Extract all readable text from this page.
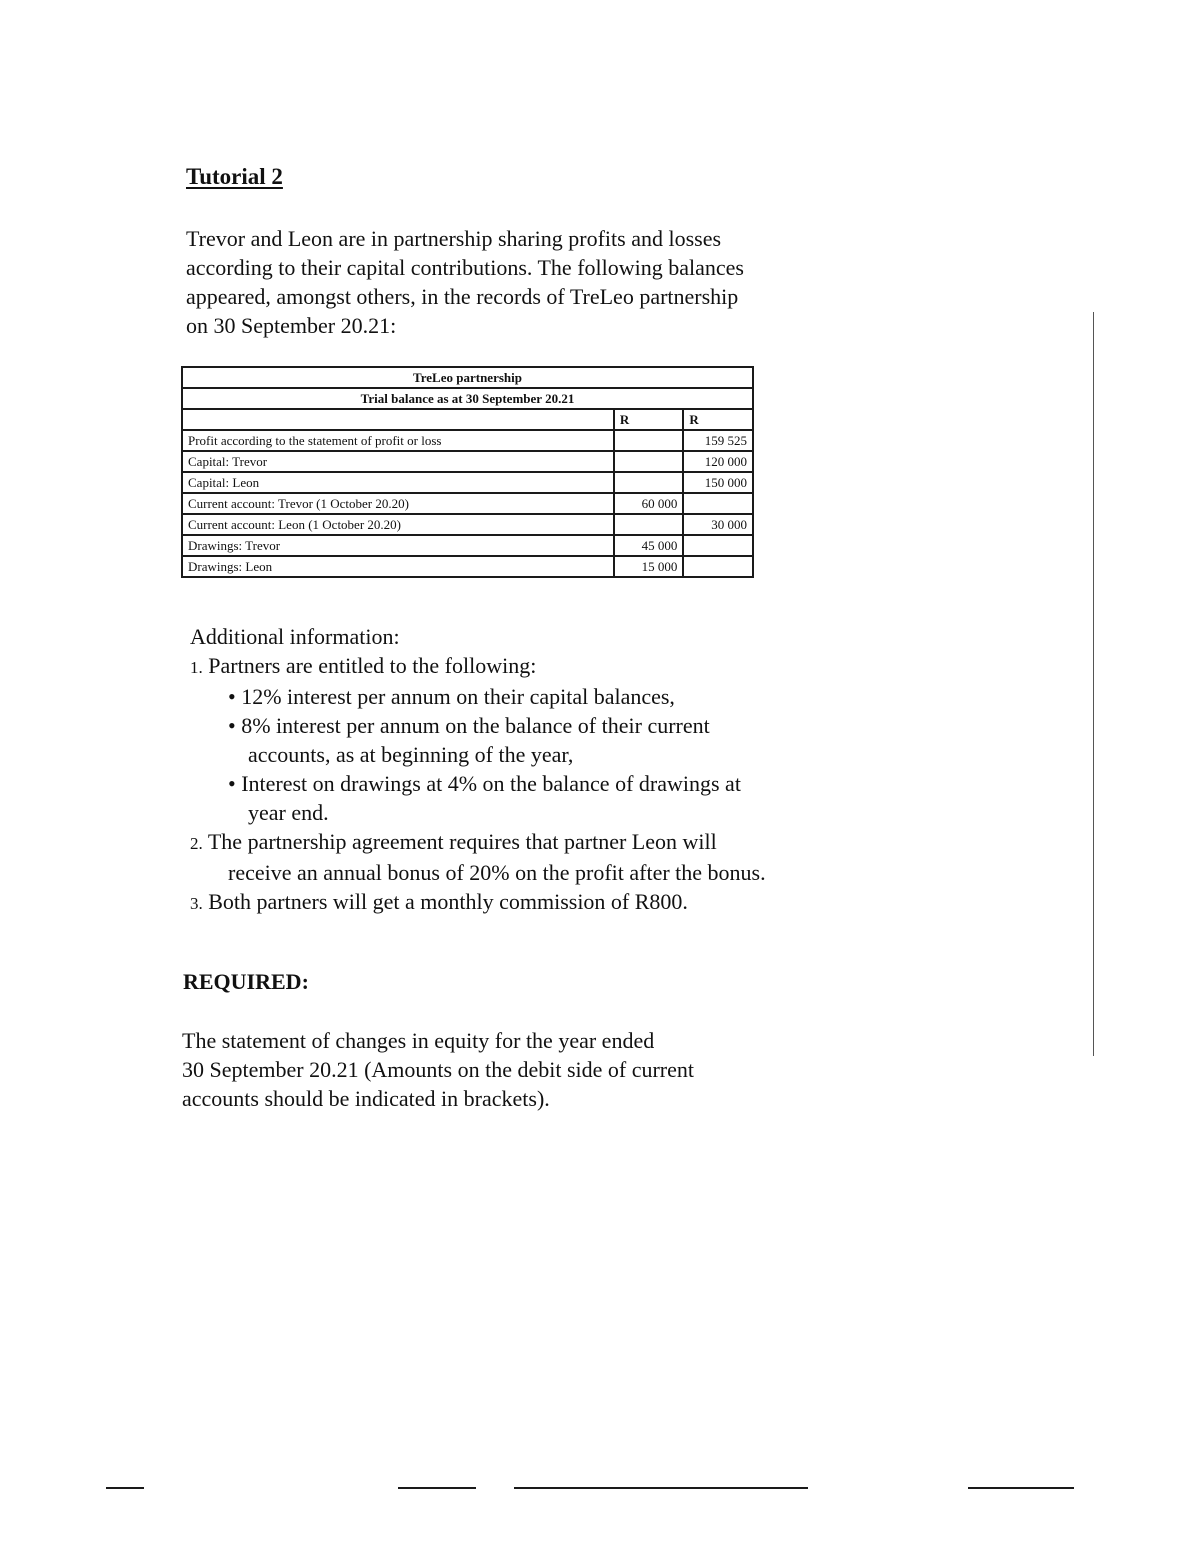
Tutorial 2
Trevor and Leon are in partnership sharing profits and losses
according to their capital contributions. The following balances
appeared, amongst others, in the records of TreLeo partnership
on 30 September 20.21:
TreLeo partnership		
Trial balance as at 30 September 20.21		
	R	R
Profit according to the statement of profit or loss		159 525
Capital: Trevor		120 000
Capital: Leon		150 000
Current account: Trevor (1 October 20.20)	60 000	
Current account: Leon (1 October 20.20)		30 000
Drawings: Trevor	45 000	
Drawings: Leon	15 000	
Additional information:
1. Partners are entitled to the following:
• 12% interest per annum on their capital balances,
• 8% interest per annum on the balance of their current
accounts, as at beginning of the year,
• Interest on drawings at 4% on the balance of drawings at
year end.
2. The partnership agreement requires that partner Leon will
receive an annual bonus of 20% on the profit after the bonus.
3. Both partners will get a monthly commission of R800.
REQUIRED:
The statement of changes in equity for the year ended
30 September 20.21 (Amounts on the debit side of current
accounts should be indicated in brackets).
